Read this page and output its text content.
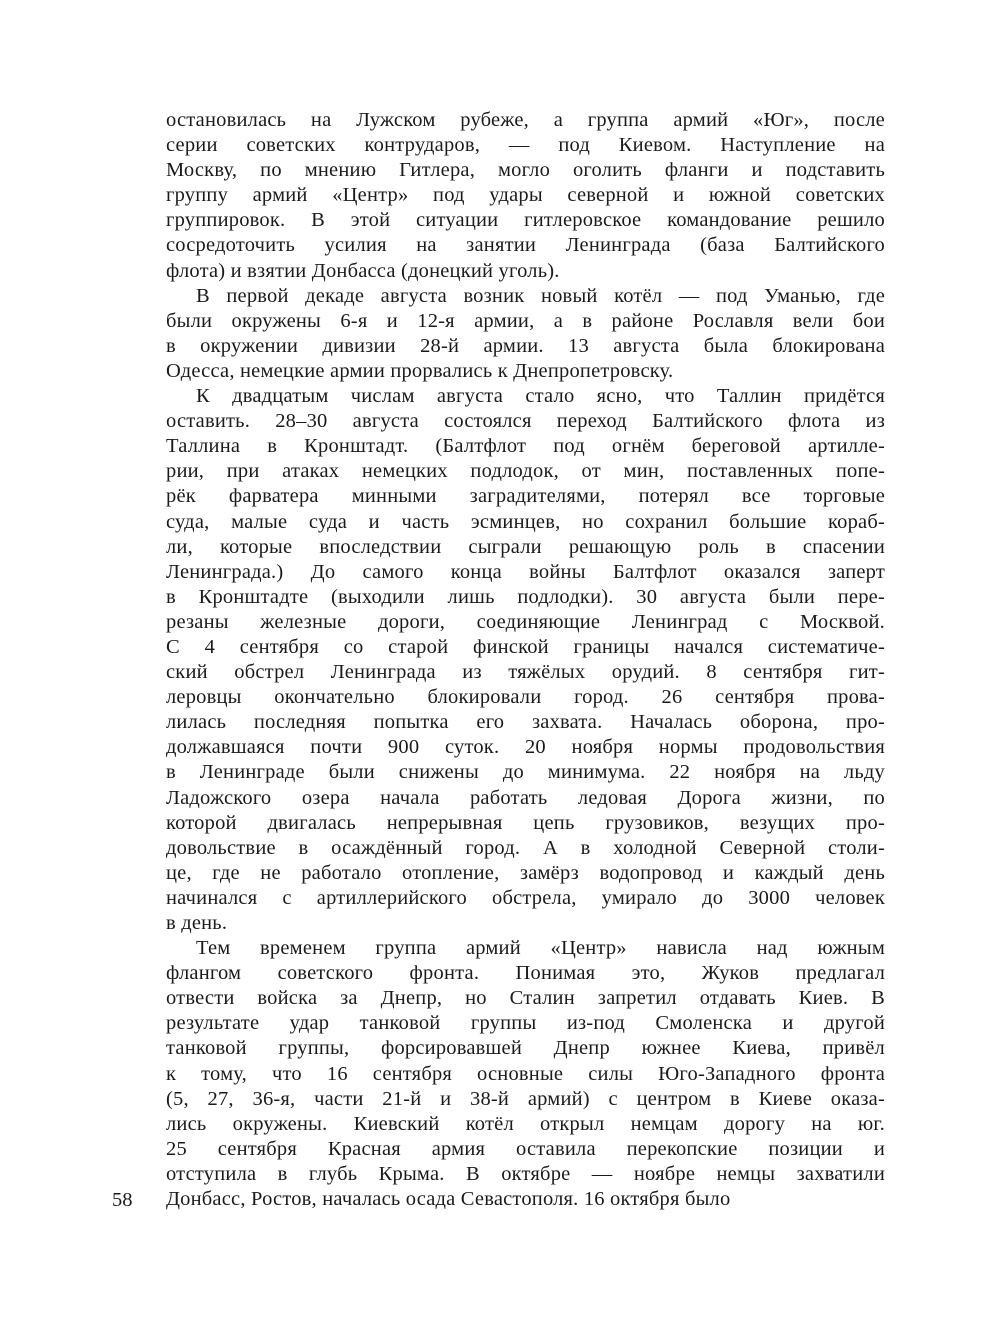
58

остановилась на Лужском рубеже, а группа армий «Юг», после
серии советских контрударов, — под Киевом. Наступление на
Москву, по мнению Гитлера, могло оголить фланги и подставить
группу армий «Центр» под удары северной и южной советских
группировок. В этой ситуации гитлеровское командование решило
сосредоточить усилия на занятии Ленинграда (база Балтийского
флота) и взятии Донбасса (донецкий уголь).

В первой декаде августа возник новый котёл — под Уманью, где
были окружены 6-я и 12-я армии, а в районе Рославля вели бои
в окружении дивизии 28-й армии. 13 августа была блокирована
Одесса, немецкие армии прорвались к Днепропетровску.

К двадцатым числам августа стало ясно, что Таллин придётся
оставить. 28–30 августа состоялся переход Балтийского флота из
Таллина в Кронштадт. (Балтфлот под огнём береговой артилле-
рии, при атаках немецких подлодок, от мин, поставленных попе-
рёк фарватера минными заградителями, потерял все торговые
суда, малые суда и часть эсминцев, но сохранил большие кораб-
ли, которые впоследствии сыграли решающую роль в спасении
Ленинграда.) До самого конца войны Балтфлот оказался заперт
в Кронштадте (выходили лишь подлодки). 30 августа были пере-
резаны железные дороги, соединяющие Ленинград с Москвой.
С 4 сентября со старой финской границы начался систематиче-
ский обстрел Ленинграда из тяжёлых орудий. 8 сентября гит-
леровцы окончательно блокировали город. 26 сентября прова-
лилась последняя попытка его захвата. Началась оборона, про-
должавшаяся почти 900 суток. 20 ноября нормы продовольствия
в Ленинграде были снижены до минимума. 22 ноября на льду
Ладожского озера начала работать ледовая Дорога жизни, по
которой двигалась непрерывная цепь грузовиков, везущих про-
довольствие в осаждённый город. А в холодной Северной столи-
це, где не работало отопление, замёрз водопровод и каждый день
начинался с артиллерийского обстрела, умирало до 3000 человек
в день.

Тем временем группа армий «Центр» нависла над южным
флангом советского фронта. Понимая это, Жуков предлагал
отвести войска за Днепр, но Сталин запретил отдавать Киев. В
результате удар танковой группы из-под Смоленска и другой
танковой группы, форсировавшей Днепр южнее Киева, привёл
к тому, что 16 сентября основные силы Юго-Западного фронта
(5, 27, 36-я, части 21-й и 38-й армий) с центром в Киеве оказа-
лись окружены. Киевский котёл открыл немцам дорогу на юг.
25 сентября Красная армия оставила перекопские позиции и
отступила в глубь Крыма. В октябре — ноябре немцы захватили
Донбасс, Ростов, началась осада Севастополя. 16 октября было
